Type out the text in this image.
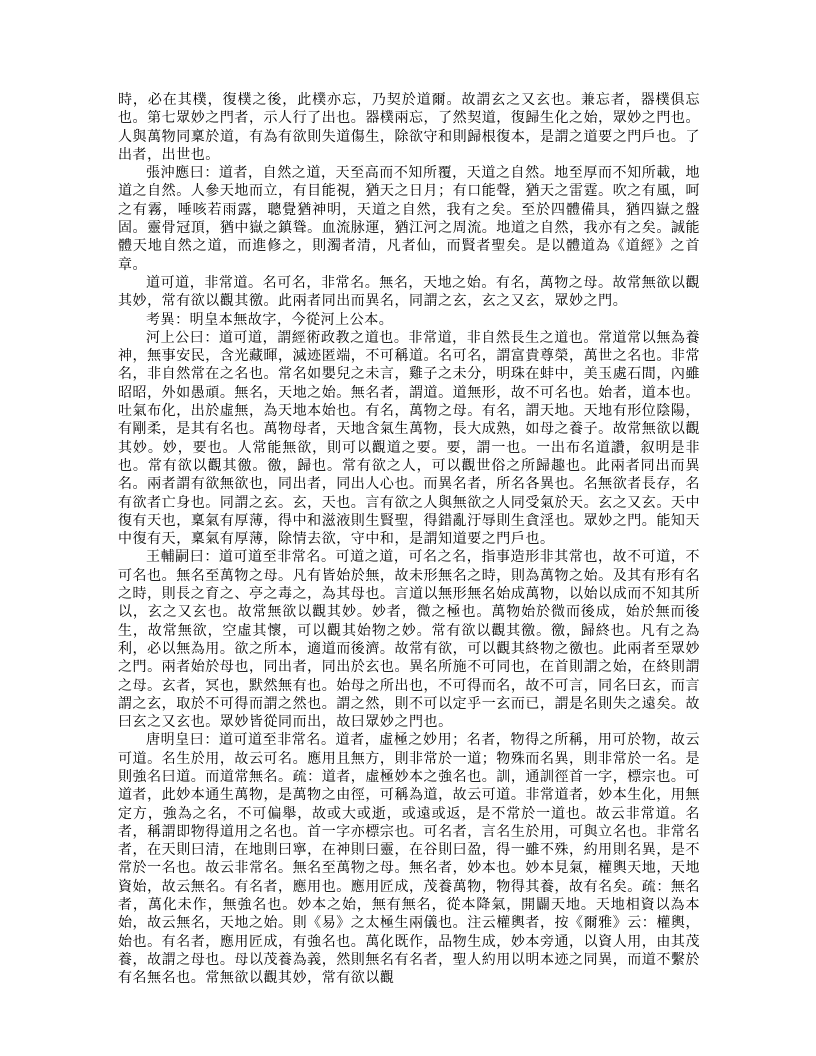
時，必在其樸，復樸之後，此樸亦忘，乃契於道爾。故謂玄之又玄也。兼忘者，器樸俱忘也。第七眾妙之門者，示人行了出也。器樸兩忘，了然契道，復歸生化之始，眾妙之門也。人與萬物同稟於道，有為有欲則失道傷生，除欲守和則歸根復本，是謂之道要之門戶也。了出者，出世也。

張沖應曰：道者，自然之道，天至高而不知所覆，天道之自然。地至厚而不知所載，地道之自然。人參天地而立，有目能視，猶天之日月；有口能聲，猶天之雷霆。吹之有風，呵之有霧，唾咳若雨露，聰覺猶神明，天道之自然，我有之矣。至於四體備具，猶四嶽之盤固。靈骨冠頂，猶中嶽之鎮聳。血流脉運，猶江河之周流。地道之自然，我亦有之矣。誠能體天地自然之道，而進修之，則濁者清，凡者仙，而賢者聖矣。是以體道為《道經》之首章。

道可道，非常道。名可名，非常名。無名，天地之始。有名，萬物之母。故常無欲以觀其妙，常有欲以觀其徼。此兩者同出而異名，同謂之玄，玄之又玄，眾妙之門。

考異：明皇本無故字，今從河上公本。

河上公曰：道可道，謂經術政教之道也。非常道，非自然長生之道也。常道常以無為養神，無事安民，含光藏暉，滅迹匿端，不可稱道。名可名，謂富貴尊榮，萬世之名也。非常名，非自然常在之名也。常名如嬰兒之未言，雞子之未分，明珠在蚌中，美玉處石間，內雖昭昭，外如愚頑。無名，天地之始。無名者，謂道。道無形，故不可名也。始者，道本也。吐氣布化，出於虛無，為天地本始也。有名，萬物之母。有名，謂天地。天地有形位陰陽，有剛柔，是其有名也。萬物母者，天地含氣生萬物，長大成熟，如母之養子。故常無欲以觀其妙。妙，要也。人常能無欲，則可以觀道之要。要，謂一也。一出布名道讚，叙明是非也。常有欲以觀其徼。徼，歸也。常有欲之人，可以觀世俗之所歸趣也。此兩者同出而異名。兩者謂有欲無欲也，同出者，同出人心也。而異名者，所名各異也。名無欲者長存，名有欲者亡身也。同謂之玄。玄，天也。言有欲之人與無欲之人同受氣於天。玄之又玄。天中復有天也，稟氣有厚薄，得中和滋液則生賢聖，得錯亂汙辱則生貪淫也。眾妙之門。能知天中復有天，稟氣有厚薄，除情去欲，守中和，是謂知道要之門戶也。

王輔嗣曰：道可道至非常名。可道之道，可名之名，指事造形非其常也，故不可道，不可名也。無名至萬物之母。凡有皆始於無，故未形無名之時，則為萬物之始。及其有形有名之時，則長之育之、亭之毒之，為其母也。言道以無形無名始成萬物，以始以成而不知其所以，玄之又玄也。故常無欲以觀其妙。妙者，微之極也。萬物始於微而後成，始於無而後生，故常無欲，空虛其懷，可以觀其始物之妙。常有欲以觀其徼。徼，歸終也。凡有之為利，必以無為用。欲之所本，適道而後濟。故常有欲，可以觀其終物之徼也。此兩者至眾妙之門。兩者始於母也，同出者，同出於玄也。異名所施不可同也，在首則謂之始，在終則謂之母。玄者，冥也，默然無有也。始母之所出也，不可得而名，故不可言，同名曰玄，而言謂之玄，取於不可得而謂之然也。謂之然，則不可以定乎一玄而已，謂是名則失之遠矣。故曰玄之又玄也。眾妙皆從同而出，故曰眾妙之門也。

唐明皇曰：道可道至非常名。道者，虛極之妙用；名者，物得之所稱，用可於物，故云可道。名生於用，故云可名。應用且無方，則非常於一道；物殊而名異，則非常於一名。是則強名曰道。而道常無名。疏：道者，虛極妙本之強名也。訓，通訓徑首一字，標宗也。可道者，此妙本通生萬物，是萬物之由徑，可稱為道，故云可道。非常道者，妙本生化，用無定方，強為之名，不可偏舉，故或大或逝，或遠或返，是不常於一道也。故云非常道。名者，稱謂即物得道用之名也。首一字亦標宗也。可名者，言名生於用，可與立名也。非常名者，在天則曰清，在地則曰寧，在神則曰靈，在谷則曰盈，得一雖不殊，約用則名異，是不常於一名也。故云非常名。無名至萬物之母。無名者，妙本也。妙本見氣，權輿天地，天地資始，故云無名。有名者，應用也。應用匠成，茂養萬物，物得其養，故有名矣。疏：無名者，萬化未作，無強名也。妙本之始，無有無名，從本降氣，開闢天地。天地相資以為本始，故云無名，天地之始。則《易》之太極生兩儀也。注云權輿者，按《爾雅》云：權輿，始也。有名者，應用匠成，有強名也。萬化既作，品物生成，妙本旁通，以資人用，由其茂養，故謂之母也。母以茂養為義，然則無名有名者，聖人約用以明本迹之同異，而道不繫於有名無名也。常無欲以觀其妙，常有欲以觀
